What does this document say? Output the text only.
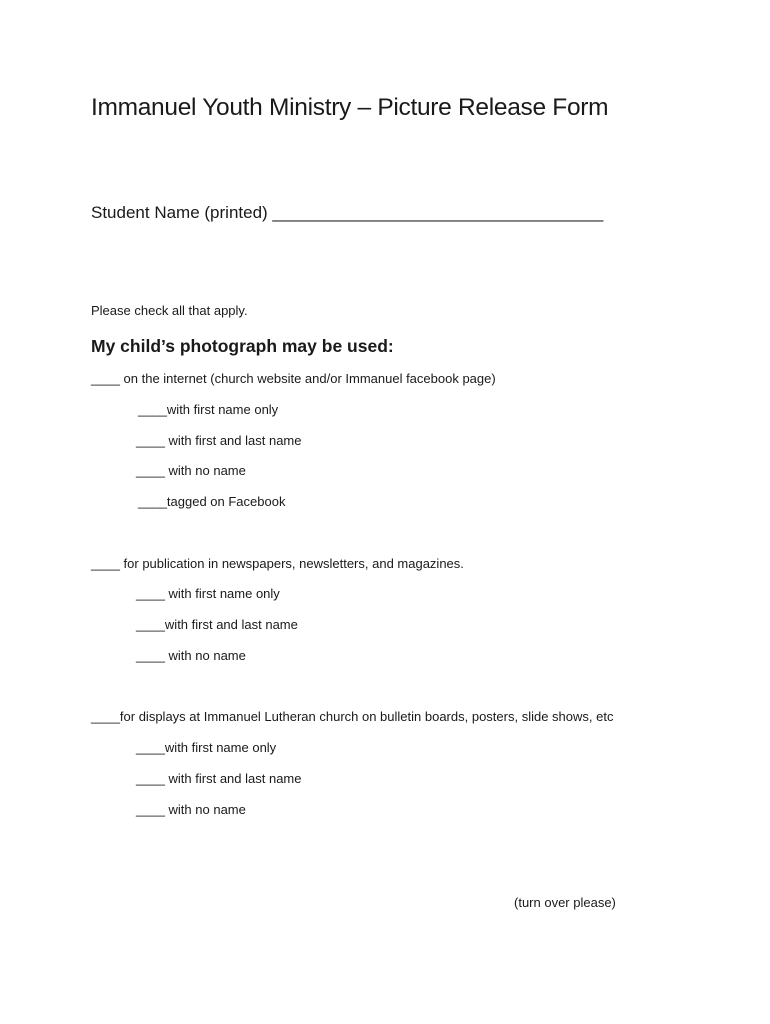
Immanuel Youth Ministry – Picture Release Form
Student Name (printed) ___________________________________
Please check all that apply.
My child’s photograph may be used:
____ on the internet (church website and/or Immanuel facebook page)
____with first name only
____ with first and last name
____ with no name
____tagged on Facebook
____ for publication in newspapers, newsletters, and magazines.
____ with first name only
____with first and last name
____ with no name
____for displays at Immanuel Lutheran church on bulletin boards, posters, slide shows, etc
____with first name only
____ with first and last name
____ with no name
(turn over please)
